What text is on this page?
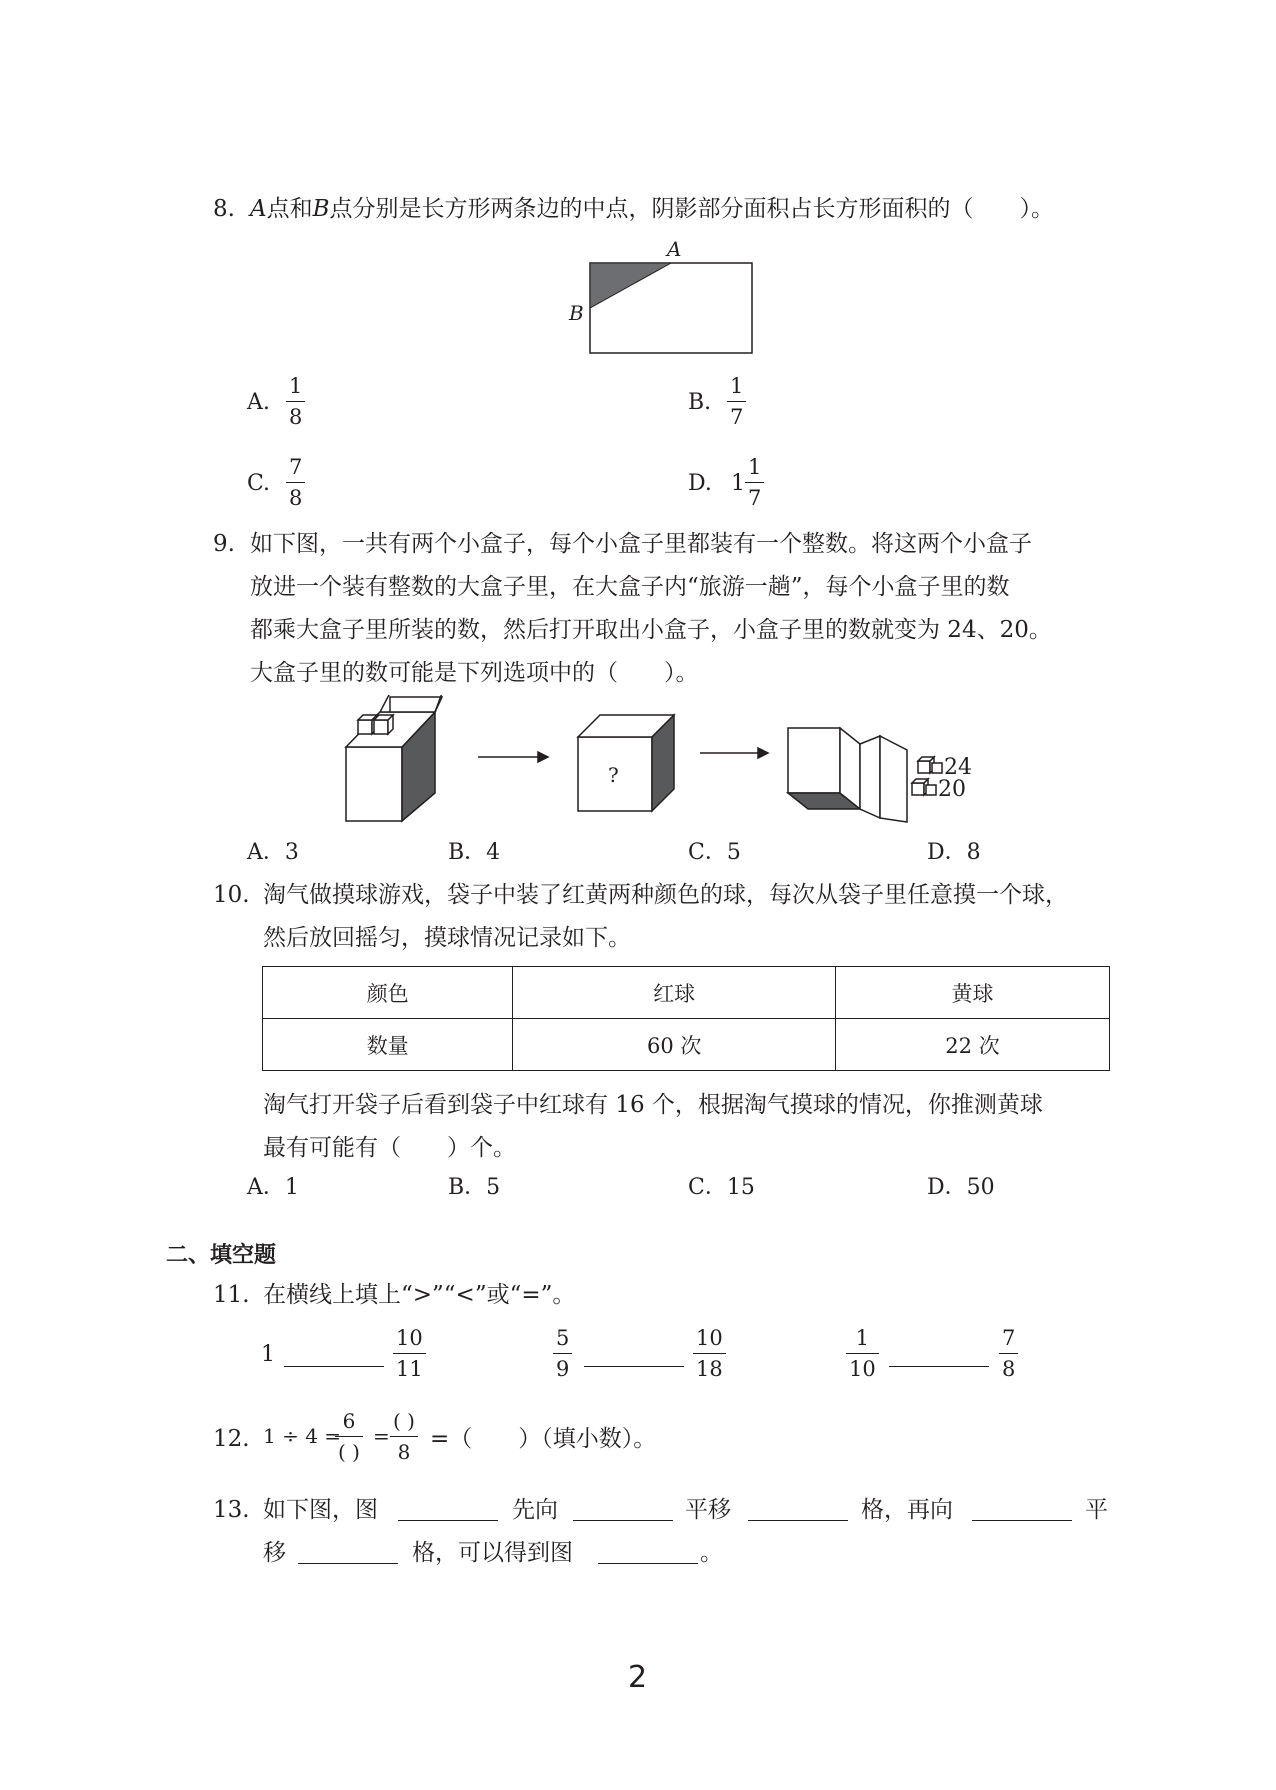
8. A点和B点分别是长方形两条边的中点，阴影部分面积占长方形面积的（　　）。
A
B
A.
1
8
B.
1
7
C.
7
8
D. 1
1
7
9. 如下图，一共有两个小盒子，每个小盒子里都装有一个整数。将这两个小盒子
放进一个装有整数的大盒子里，在大盒子内“旅游一趟”，每个小盒子里的数
都乘大盒子里所装的数，然后打开取出小盒子，小盒子里的数就变为 24、20。
大盒子里的数可能是下列选项中的（　　）。
?	24
20
A．3	B．4	C．5	D．8
10. 淘气做摸球游戏，袋子中装了红黄两种颜色的球，每次从袋子里任意摸一个球，
然后放回摇匀，摸球情况记录如下。
颜色	红球	黄球
数量	60 次	22 次
淘气打开袋子后看到袋子中红球有 16 个，根据淘气摸球的情况，你推测黄球
最有可能有（　　）个。
A．1	B．5	C．15	D．50
二、填空题
11. 在横线上填上“>”“<”或“=”。
1
10
11
5
9
10
18
1
10
7
8
12. 1 ÷ 4 =
6
( )
=
( )
8 =（　　）（填小数）。
13. 如下图，图	先向	平移	格，再向	平
移	格，可以得到图	。
2
